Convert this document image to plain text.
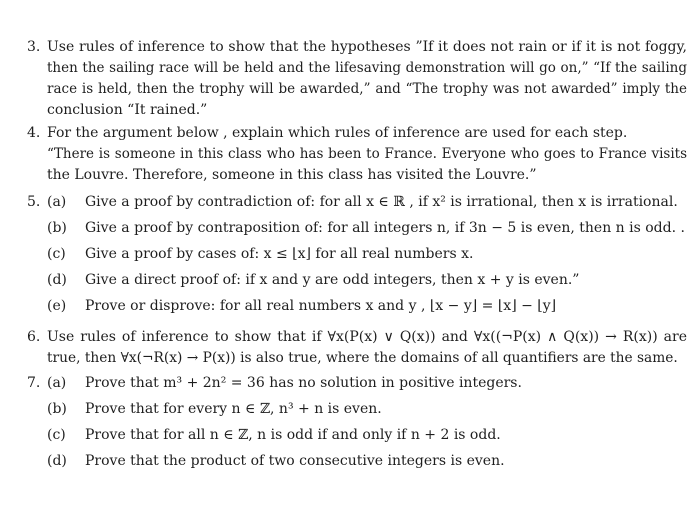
3. Use rules of inference to show that the hypotheses ”If it does not rain or if it is not foggy,
then the sailing race will be held and the lifesaving demonstration will go on,” “If the sailing
race is held, then the trophy will be awarded,” and “The trophy was not awarded” imply the
conclusion “It rained.”
4. For the argument below , explain which rules of inference are used for each step.
“There is someone in this class who has been to France. Everyone who goes to France visits
the Louvre. Therefore, someone in this class has visited the Louvre.”
5. (a) Give a proof by contradiction of: for all x ∈ ℝ , if x² is irrational, then x is irrational.
(b) Give a proof by contraposition of: for all integers n, if 3n − 5 is even, then n is odd. .
(c) Give a proof by cases of: x ≤ ⌊x⌋ for all real numbers x.
(d) Give a direct proof of: if x and y are odd integers, then x + y is even.”
(e) Prove or disprove: for all real numbers x and y , ⌊x − y⌋ = ⌊x⌋ − ⌊y⌋
6. Use rules of inference to show that if ∀x(P(x) ∨ Q(x)) and ∀x((¬P(x) ∧ Q(x)) → R(x)) are
true, then ∀x(¬R(x) → P(x)) is also true, where the domains of all quantifiers are the same.
7. (a) Prove that m³ + 2n² = 36 has no solution in positive integers.
(b) Prove that for every n ∈ ℤ, n³ + n is even.
(c) Prove that for all n ∈ ℤ, n is odd if and only if n + 2 is odd.
(d) Prove that the product of two consecutive integers is even.
